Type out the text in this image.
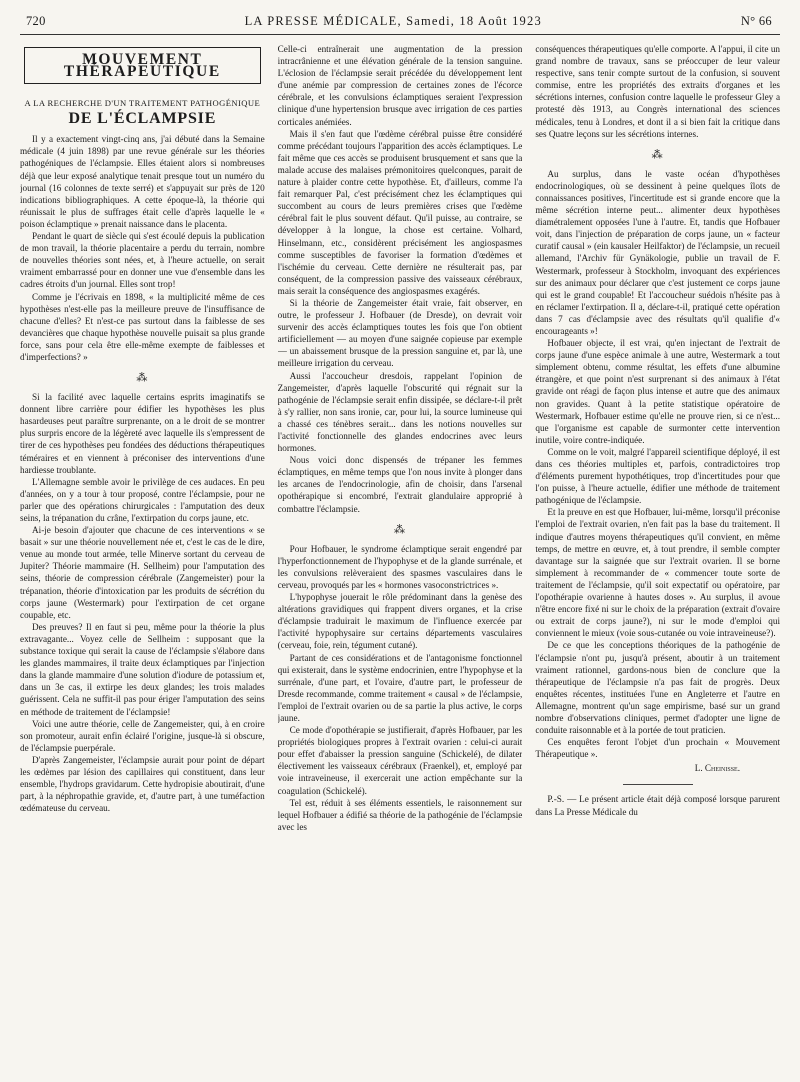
720	LA PRESSE MÉDICALE, Samedi, 18 Août 1923	N° 66
MOUVEMENT THÉRAPEUTIQUE
A LA RECHERCHE D'UN TRAITEMENT PATHOGÉNIQUE
DE L'ÉCLAMPSIE

Il y a exactement vingt-cinq ans, j'ai débuté dans la Semaine médicale (4 juin 1898) par une revue générale sur les théories pathogéniques de l'éclampsie. Elles étaient alors si nombreuses déjà que leur exposé analytique tenait presque tout un numéro du journal (16 colonnes de texte serré) et s'appuyait sur près de 120 indications bibliographiques. A cette époque-là, la théorie qui réunissait le plus de suffrages était celle d'après laquelle le « poison éclamptique » prenait naissance dans le placenta.

Pendant le quart de siècle qui s'est écoulé depuis la publication de mon travail, la théorie placentaire a perdu du terrain, nombre de nouvelles théories sont nées, et, à l'heure actuelle, on serait vraiment embarrassé pour en donner une vue d'ensemble dans les cadres étroits d'un journal. Elles sont trop!

Comme je l'écrivais en 1898, « la multiplicité même de ces hypothèses n'est-elle pas la meilleure preuve de l'insuffisance de chacune d'elles? Et n'est-ce pas surtout dans la faiblesse de ses devancières que chaque hypothèse nouvelle puisait sa plus grande force, sans pour cela être elle-même exempte de faiblesses et d'imperfections? »

⁂

Si la facilité avec laquelle certains esprits imaginatifs se donnent libre carrière pour édifier les hypothèses les plus hasardeuses peut paraître surprenante, on a le droit de se montrer plus surpris encore de la légèreté avec laquelle ils s'empressent de tirer de ces hypothèses peu fondées des déductions thérapeutiques téméraires et en viennent à préconiser des interventions d'une hardiesse troublante.

L'Allemagne semble avoir le privilège de ces audaces. En peu d'années, on y a tour à tour proposé, contre l'éclampsie, pour ne parler que des opérations chirurgicales : l'amputation des deux seins, la trépanation du crâne, l'extirpation du corps jaune, etc.

Ai-je besoin d'ajouter que chacune de ces interventions « se basait » sur une théorie nouvellement née et, c'est le cas de le dire, venue au monde tout armée, telle Minerve sortant du cerveau de Jupiter? Théorie mammaire (H. Sellheim) pour l'amputation des seins, théorie de compression cérébrale (Zangemeister) pour la trépanation, théorie d'intoxication par les produits de sécrétion du corps jaune (Westermark) pour l'extirpation de cet organe coupable, etc.

Des preuves? Il en faut si peu, même pour la théorie la plus extravagante... Voyez celle de Sellheim : supposant que la substance toxique qui serait la cause de l'éclampsie s'élabore dans les glandes mammaires, il traite deux éclamptiques par l'injection dans la glande mammaire d'une solution d'iodure de potassium et, dans un 3e cas, il extirpe les deux glandes; les trois malades guérissent. Cela ne suffit-il pas pour ériger l'amputation des seins en méthode de traitement de l'éclampsie!

Voici une autre théorie, celle de Zangemeister, qui, à en croire son promoteur, aurait enfin éclairé l'origine, jusque-là si obscure, de l'éclampsie puerpérale.

D'après Zangemeister, l'éclampsie aurait pour point de départ les œdèmes par lésion des capillaires qui constituent, dans leur ensemble, l'hydrops gravidarum. Cette hydropisie aboutirait, d'une part, à la néphropathie gravide, et, d'autre part, à une tuméfaction œdémateuse du cerveau.

Celle-ci entraînerait une augmentation de la pression intracrânienne et une élévation générale de la tension sanguine. L'éclosion de l'éclampsie serait précédée du développement lent d'une anémie par compression de certaines zones de l'écorce cérébrale, et les convulsions éclamptiques seraient l'expression clinique d'une hypertension brusque avec irrigation de ces parties corticales anémiées.

Mais il s'en faut que l'œdème cérébral puisse être considéré comme précédant toujours l'apparition des accès éclamptiques. Le fait même que ces accès se produisent brusquement et sans que la malade accuse des malaises prémonitoires quelconques, parait de nature à plaider contre cette hypothèse. Et, d'ailleurs, comme l'a fait remarquer Pal, c'est précisément chez les éclamptiques qui succombent au cours de leurs premières crises que l'œdème cérébral fait le plus souvent défaut. Qu'il puisse, au contraire, se développer à la longue, la chose est certaine. Volhard, Hinselmann, etc., considèrent précisément les angiospasmes comme susceptibles de favoriser la formation d'œdèmes et l'ischémie du cerveau. Cette dernière ne résulterait pas, par conséquent, de la compression passive des vaisseaux cérébraux, mais serait la conséquence des angiospasmes exagérés.

Si la théorie de Zangemeister était vraie, fait observer, en outre, le professeur J. Hofbauer (de Dresde), on devrait voir survenir des accès éclamptiques toutes les fois que l'on obtient artificiellement — au moyen d'une saignée copieuse par exemple — un abaissement brusque de la pression sanguine et, par là, une meilleure irrigation du cerveau.

Aussi l'accoucheur dresdois, rappelant l'opinion de Zangemeister, d'après laquelle l'obscurité qui régnait sur la pathogénie de l'éclampsie serait enfin dissipée, se déclare-t-il prêt à s'y rallier, non sans ironie, car, pour lui, la source lumineuse qui a chassé ces ténèbres serait... dans les notions nouvelles sur l'activité fonctionnelle des glandes endocrines avec leurs hormones.

Nous voici donc dispensés de trépaner les femmes éclamptiques, en même temps que l'on nous invite à plonger dans les arcanes de l'endocrinologie, afin de choisir, dans l'arsenal opothérapique si encombré, l'extrait glandulaire approprié à combattre l'éclampsie.

⁂

Pour Hofbauer, le syndrome éclamptique serait engendré par l'hyperfonctionnement de l'hypophyse et de la glande surrénale, et les convulsions relèveraient des spasmes vasculaires dans le cerveau, provoqués par les « hormones vasoconstrictrices ».

L'hypophyse jouerait le rôle prédominant dans la genèse des altérations gravidiques qui frappent divers organes, et la crise d'éclampsie traduirait le maximum de l'influence exercée par l'activité hypophysaire sur certains départements vasculaires (cerveau, foie, rein, tégument cutané).

Partant de ces considérations et de l'antagonisme fonctionnel qui existerait, dans le système endocrinien, entre l'hypophyse et la surrénale, d'une part, et l'ovaire, d'autre part, le professeur de Dresde recommande, comme traitement « causal » de l'éclampsie, l'emploi de l'extrait ovarien ou de sa partie la plus active, le corps jaune.

Ce mode d'opothérapie se justifierait, d'après Hofbauer, par les propriétés biologiques propres à l'extrait ovarien : celui-ci aurait pour effet d'abaisser la pression sanguine (Schickelé), de dilater électivement les vaisseaux cérébraux (Fraenkel), et, employé par voie intraveineuse, il exercerait une action empêchante sur la coagulation (Schickelé).

Tel est, réduit à ses éléments essentiels, le raisonnement sur lequel Hofbauer a édifié sa théorie de la pathogénie de l'éclampsie avec les

conséquences thérapeutiques qu'elle comporte. A l'appui, il cite un grand nombre de travaux, sans se préoccuper de leur valeur respective, sans tenir compte surtout de la confusion, si souvent commise, entre les propriétés des extraits d'organes et les sécrétions internes, confusion contre laquelle le professeur Gley a protesté dès 1913, au Congrès international des sciences médicales, tenu à Londres, et dont il a si bien fait la critique dans ses Quatre leçons sur les sécrétions internes.

⁂

Au surplus, dans le vaste océan d'hypothèses endocrinologiques, où se dessinent à peine quelques îlots de connaissances positives, l'incertitude est si grande encore que la même sécrétion interne peut... alimenter deux hypothèses diamétralement opposées l'une à l'autre. Et, tandis que Hofbauer voit, dans l'injection de préparation de corps jaune, un « facteur curatif causal » (ein kausaler Heilfaktor) de l'éclampsie, un recueil allemand, l'Archiv für Gynäkologie, publie un travail de F. Westermark, professeur à Stockholm, invoquant des expériences sur des animaux pour déclarer que c'est justement ce corps jaune qui est le grand coupable! Et l'accoucheur suédois n'hésite pas à en réclamer l'extirpation. Il a, déclare-t-il, pratiqué cette opération dans 7 cas d'éclampsie avec des résultats qu'il qualifie d'« encourageants »!

Hofbauer objecte, il est vrai, qu'en injectant de l'extrait de corps jaune d'une espèce animale à une autre, Westermark a tout simplement obtenu, comme résultat, les effets d'une albumine étrangère, et que point n'est surprenant si des animaux à l'état gravide ont réagi de façon plus intense et autre que des animaux non gravides. Quant à la petite statistique opératoire de Westermark, Hofbauer estime qu'elle ne prouve rien, si ce n'est... que l'organisme est capable de surmonter cette intervention inutile, voire contre-indiquée.

Comme on le voit, malgré l'appareil scientifique déployé, il est dans ces théories multiples et, parfois, contradictoires trop d'éléments purement hypothétiques, trop d'incertitudes pour que l'on puisse, à l'heure actuelle, édifier une méthode de traitement pathogénique de l'éclampsie.

Et la preuve en est que Hofbauer, lui-même, lorsqu'il préconise l'emploi de l'extrait ovarien, n'en fait pas la base du traitement. Il indique d'autres moyens thérapeutiques qu'il convient, en même temps, de mettre en œuvre, et, à tout prendre, il semble compter davantage sur la saignée que sur l'extrait ovarien. Il se borne simplement à recommander de « commencer toute sorte de traitement de l'éclampsie, qu'il soit expectatif ou opératoire, par l'opothérapie ovarienne à hautes doses ». Au surplus, il avoue n'être encore fixé ni sur le choix de la préparation (extrait d'ovaire ou extrait de corps jaune?), ni sur le mode d'emploi qui conviennent le mieux (voie sous-cutanée ou voie intraveineuse?).

De ce que les conceptions théoriques de la pathogénie de l'éclampsie n'ont pu, jusqu'à présent, aboutir à un traitement vraiment rationnel, gardons-nous bien de conclure que la thérapeutique de l'éclampsie n'a pas fait de progrès. Deux enquêtes récentes, instituées l'une en Angleterre et l'autre en Allemagne, montrent qu'un sage empirisme, basé sur un grand nombre d'observations cliniques, permet d'adopter une ligne de conduite raisonnable et à la portée de tout praticien.

Ces enquêtes feront l'objet d'un prochain « Mouvement Thérapeutique ».

L. Cheinisse.

P.-S. — Le présent article était déjà composé lorsque parurent dans La Presse Médicale du
